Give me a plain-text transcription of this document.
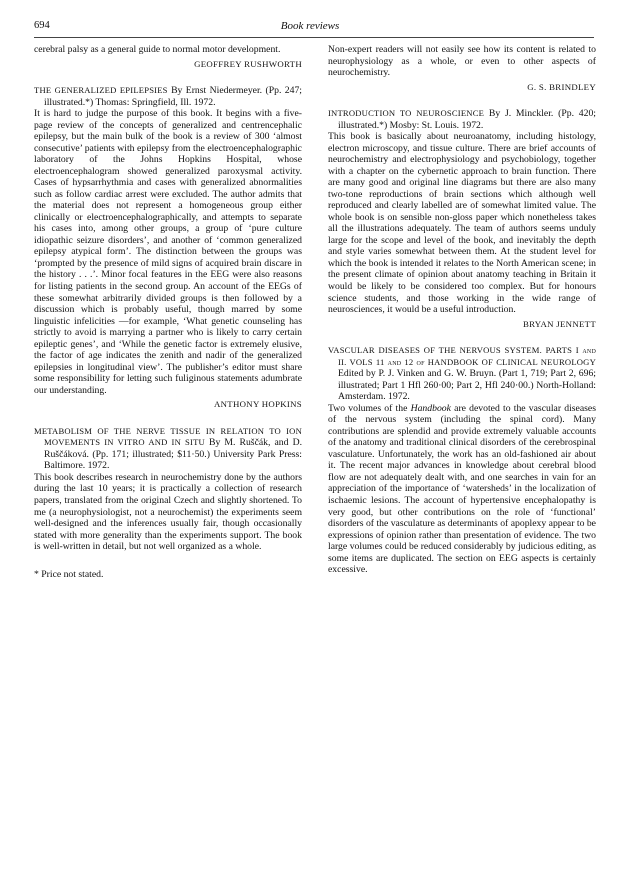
694	Book reviews

cerebral palsy as a general guide to normal motor development.

GEOFFREY RUSHWORTH
THE GENERALIZED EPILEPSIES By Ernst Niedermeyer. (Pp. 247; illustrated.*) Thomas: Springfield, Ill. 1972.

It is hard to judge the purpose of this book. It begins with a five-page review of the concepts of generalized and centrencephalic epilepsy, but the main bulk of the book is a review of 300 ‘almost consecutive’ patients with epilepsy from the electroencephalographic laboratory of the Johns Hopkins Hospital, whose electroencephalogram showed generalized paroxysmal activity. Cases of hypsarrhythmia and cases with generalized abnormalities such as follow cardiac arrest were excluded. The author admits that the material does not represent a homogeneous group either clinically or electroencephalographically, and attempts to separate his cases into, among other groups, a group of ‘pure culture idiopathic seizure disorders’, and another of ‘common generalized epilepsy atypical form’. The distinction between the groups was ‘prompted by the presence of mild signs of acquired brain discare in the history . . .’. Minor focal features in the EEG were also reasons for listing patients in the second group. An account of the EEGs of these somewhat arbitrarily divided groups is then followed by a discussion which is probably useful, though marred by some linguistic infelicities —for example, ‘What genetic counseling has strictly to avoid is marrying a partner who is likely to carry certain epileptic genes’, and ‘While the genetic factor is extremely elusive, the factor of age indicates the zenith and nadir of the generalized epilepsies in longitudinal view’. The publisher’s editor must share some responsibility for letting such fuliginous statements adumbrate our understanding.

ANTHONY HOPKINS
METABOLISM OF THE NERVE TISSUE IN RELATION TO ION MOVEMENTS IN VITRO AND IN SITU By M. Ruščák, and D. Ruščáková. (Pp. 171; illustrated; $11·50.) University Park Press: Baltimore. 1972.

This book describes research in neurochemistry done by the authors during the last 10 years; it is practically a collection of research papers, translated from the original Czech and slightly shortened. To me (a neurophysiologist, not a neurochemist) the experiments seem well-designed and the inferences usually fair, though occasionally stated with more generality than the experiments support. The book is well-written in detail, but not well organized as a whole.

* Price not stated.

Non-expert readers will not easily see how its content is related to neurophysiology as a whole, or even to other aspects of neurochemistry.

G. S. BRINDLEY
INTRODUCTION TO NEUROSCIENCE By J. Minckler. (Pp. 420; illustrated.*) Mosby: St. Louis. 1972.

This book is basically about neuroanatomy, including histology, electron microscopy, and tissue culture. There are brief accounts of neurochemistry and electrophysiology and psychobiology, together with a chapter on the cybernetic approach to brain function. There are many good and original line diagrams but there are also many two-tone reproductions of brain sections which although well reproduced and clearly labelled are of somewhat limited value. The whole book is on sensible non-gloss paper which nonetheless takes all the illustrations adequately. The team of authors seems unduly large for the scope and level of the book, and inevitably the depth and style varies somewhat between them. At the student level for which the book is intended it relates to the North American scene; in the present climate of opinion about anatomy teaching in Britain it would be likely to be considered too complex. But for honours science students, and those working in the wide range of neurosciences, it would be a useful introduction.

BRYAN JENNETT
VASCULAR DISEASES OF THE NERVOUS SYSTEM. PARTS I and II. VOLS 11 and 12 of HANDBOOK OF CLINICAL NEUROLOGY Edited by P. J. Vinken and G. W. Bruyn. (Part 1, 719; Part 2, 696; illustrated; Part 1 Hfl 260·00; Part 2, Hfl 240·00.) North-Holland: Amsterdam. 1972.

Two volumes of the Handbook are devoted to the vascular diseases of the nervous system (including the spinal cord). Many contributions are splendid and provide extremely valuable accounts of the anatomy and traditional clinical disorders of the cerebrospinal vasculature. Unfortunately, the work has an old-fashioned air about it. The recent major advances in knowledge about cerebral blood flow are not adequately dealt with, and one searches in vain for an appreciation of the importance of ‘watersheds’ in the localization of ischaemic lesions. The account of hypertensive encephalopathy is very good, but other contributions on the role of ‘functional’ disorders of the vasculature as determinants of apoplexy appear to be expressions of opinion rather than presentation of evidence. The two large volumes could be reduced considerably by judicious editing, as some items are duplicated. The section on EEG aspects is certainly excessive.
